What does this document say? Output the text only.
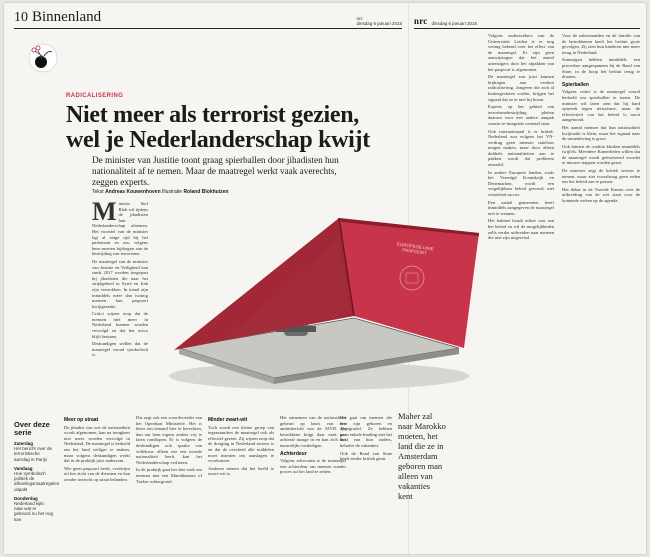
10 Binnenland	nrc
dinsdag 6 januari 2015 nrc dinsdag 6 januari 2015
RADICALISERING
Niet meer als terrorist gezien,
wel je Nederlanderschap kwijt
De minister van Justitie toont graag spierballen door jihadisten hun nationaliteit af te nemen. Maar de maatregel werkt vaak averechts, zeggen experts.
Tekst Andreas Kouwenhoven Illustratie Roland Blokhuizen
EUROPESE UNIE
PASPOORT
M inister Stef Blok wil tijdens de jihadisten hun Nederlanderschap afnemen. Het voorstel van de minister ligt al enige tijd bij het parlement en zou volgens hem moeten bijdragen aan de bestrijding van terrorisme.

De maatregel van de minister van Justitie en Veiligheid kan sinds 2017 worden toegepast bij jihadisten die naar het strijdgebied in Syrië en Irak zijn vertrokken. In totaal zijn inmiddels meer dan twintig mensen hun paspoort kwijtgeraakt.

Critici wijzen erop dat de mensen niet meer in Nederland kunnen worden vervolgd en dat het risico blijft bestaan.

Deskundigen stellen dat de maatregel vooral symbolisch is.

Meer op straat

De jihadist van wie de nationaliteit wordt afgenomen, kan na terugkeer niet meer worden vervolgd in Nederland. De maatregel is bedoeld om het land veiliger te maken, maar volgens deskundigen werkt dat in de praktijk juist andersom.

Wie geen paspoort heeft, verdwijnt uit het zicht van de diensten en kan zonder toezicht op straat belanden.

Dat zegt ook een woordvoerder van het Openbaar Ministerie. Het is beter om iemand hier te berechten, dan om hem ergens anders vrij te laten rondlopen. Er is volgens de deskundigen ook sprake van willekeur: alleen wie een tweede nationaliteit heeft, kan het Nederlanderschap verliezen.

In de praktijk gaat het dan vaak om mensen met een Marokkaanse of Turkse achtergrond.

Minder zwart-wit

Toch wordt een kleine groep van tegenstanders de maatregel ook als effectief gezien. Zij wijzen erop dat de dreiging in Nederland serieus is en dat de overheid alle middelen moet inzetten om aanslagen te voorkomen.

Anderen menen dat het beeld te zwart-wit is.

Het ontnemen van de nationaliteit gebeurt op basis van een ambtsbericht van de AIVD. De betrokkene krijgt daar vaak pas achteraf inzage in en kan zich dus nauwelijks verdedigen.

Achterdeur

Volgens advocaten is de maatregel een achterdeur om mensen zonder proces uit het land te zetten.

Het gaat om mensen die hier zijn geboren en opgegroeid. Ze hebben geen enkele binding met het land van hun ouders, behalve de vakanties.

Ook de Raad van State heeft eerder kritiek geuit.

Over deze serie
Zaterdag
Het bericht over de terroristische aanslag in Parijs
Vandaag
Hoe symbolisch politiek de afkoelingsmaatregelen uitpakt
Donderdag
Nederland kijkt naar wat er gebeurd nu het nog kan
Maher zal naar Marokko moeten, het land die ze in Amsterdam geboren man alleen van vakanties kent

Volgens onderzoekers van de Universiteit Leiden is er nog weinig bekend over het effect van de maatregel. Er zijn geen aanwijzingen dat het aantal uitreizigers door het afpakken van het paspoort is afgenomen.

De maatregel zou juist kunnen bijdragen aan verdere radicalisering. Jongeren die zich al buitengesloten voelen, krijgen het signaal dat ze er niet bij horen.

Experts op het gebied van terrorismebestrijding pleiten daarom voor een andere aanpak waarin re-integratie centraal staat.

Ook internationaal is er kritiek. Nederland zou volgens het VN-verdrag geen mensen stateloos mogen maken, maar door alleen dubbele nationaliteiten aan te pakken wordt dat probleem omzeild.

In andere Europese landen, zoals het Verenigd Koninkrijk en Denemarken, wordt een vergelijkbaar beleid gevoerd, met wisselend succes.

Een aantal gemeenten heeft inmiddels aangegeven de maatregel niet te steunen.

Het kabinet houdt echter vast aan het beleid en wil de mogelijkheden zelfs verder uitbreiden naar mensen die niet zijn uitgereisd.

Voor de nabestaanden en de familie van de betrokkenen heeft het besluit grote gevolgen. Zij zien hun kinderen niet meer terug in Nederland.

Sommigen hebben inmiddels een procedure aangespannen bij de Raad van State, in de hoop het besluit terug te draaien.

Spierballen

Volgens critici is de maatregel vooral bedoeld om spierballen te tonen. De minister wil laten zien dat hij hard optreedt tegen terrorisme, maar de effectiviteit van het beleid is nooit aangetoond.

Het aantal mensen dat hun nationaliteit kwijtraakt is klein, maar het signaal naar de samenleving is groot.

Ook binnen de coalitie klinken inmiddels twijfels. Meerdere Kamerleden willen dat de maatregel wordt geëvalueerd voordat er nieuwe stappen worden gezet.

De minister zegt de kritiek serieus te nemen, maar ziet vooralsnog geen reden om het beleid aan te passen.

Het debat in de Tweede Kamer over de uitbreiding van de wet staat voor de komende weken op de agenda.
